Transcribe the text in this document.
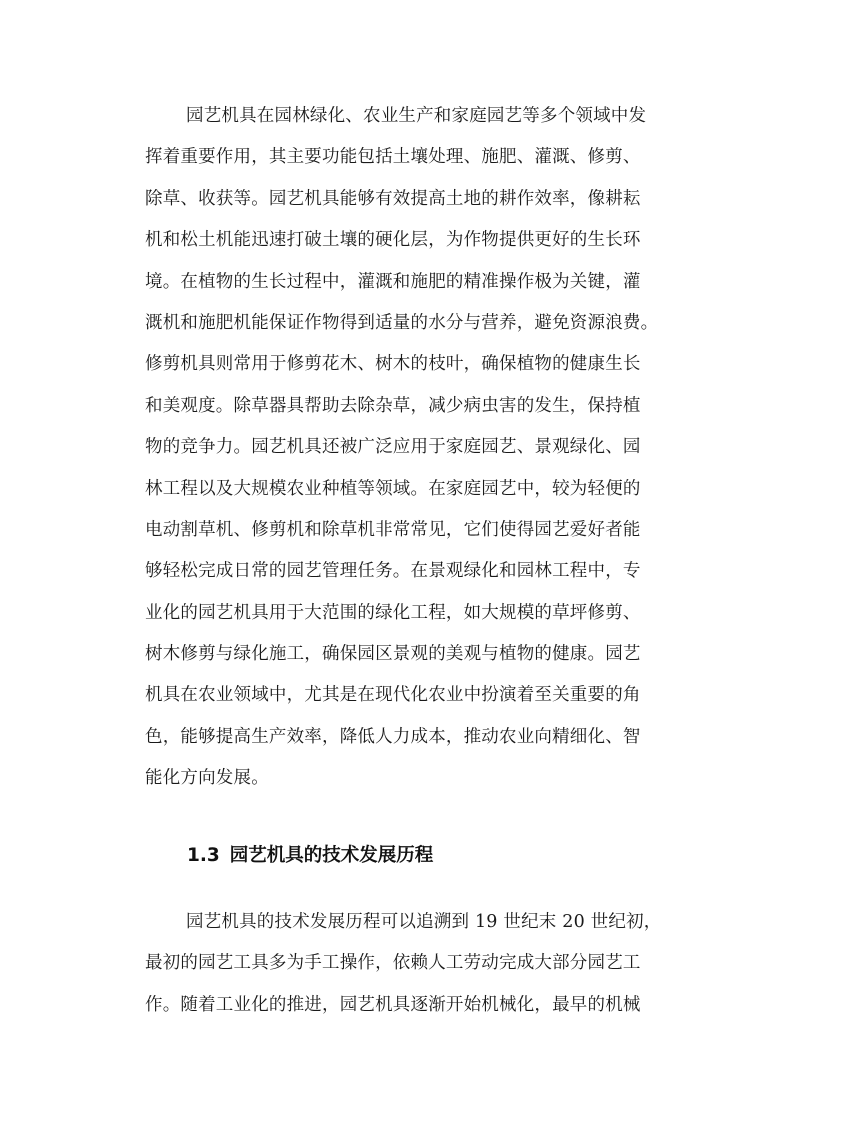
园艺机具在园林绿化、农业生产和家庭园艺等多个领域中发
挥着重要作用，其主要功能包括土壤处理、施肥、灌溉、修剪、
除草、收获等。园艺机具能够有效提高土地的耕作效率，像耕耘
机和松土机能迅速打破土壤的硬化层，为作物提供更好的生长环
境。在植物的生长过程中，灌溉和施肥的精准操作极为关键，灌
溉机和施肥机能保证作物得到适量的水分与营养，避免资源浪费。
修剪机具则常用于修剪花木、树木的枝叶，确保植物的健康生长
和美观度。除草器具帮助去除杂草，减少病虫害的发生，保持植
物的竞争力。园艺机具还被广泛应用于家庭园艺、景观绿化、园
林工程以及大规模农业种植等领域。在家庭园艺中，较为轻便的
电动割草机、修剪机和除草机非常常见，它们使得园艺爱好者能
够轻松完成日常的园艺管理任务。在景观绿化和园林工程中，专
业化的园艺机具用于大范围的绿化工程，如大规模的草坪修剪、
树木修剪与绿化施工，确保园区景观的美观与植物的健康。园艺
机具在农业领域中，尤其是在现代化农业中扮演着至关重要的角
色，能够提高生产效率，降低人力成本，推动农业向精细化、智
能化方向发展。
1.3 园艺机具的技术发展历程
园艺机具的技术发展历程可以追溯到 19 世纪末 20 世纪初，
最初的园艺工具多为手工操作，依赖人工劳动完成大部分园艺工
作。随着工业化的推进，园艺机具逐渐开始机械化，最早的机械
